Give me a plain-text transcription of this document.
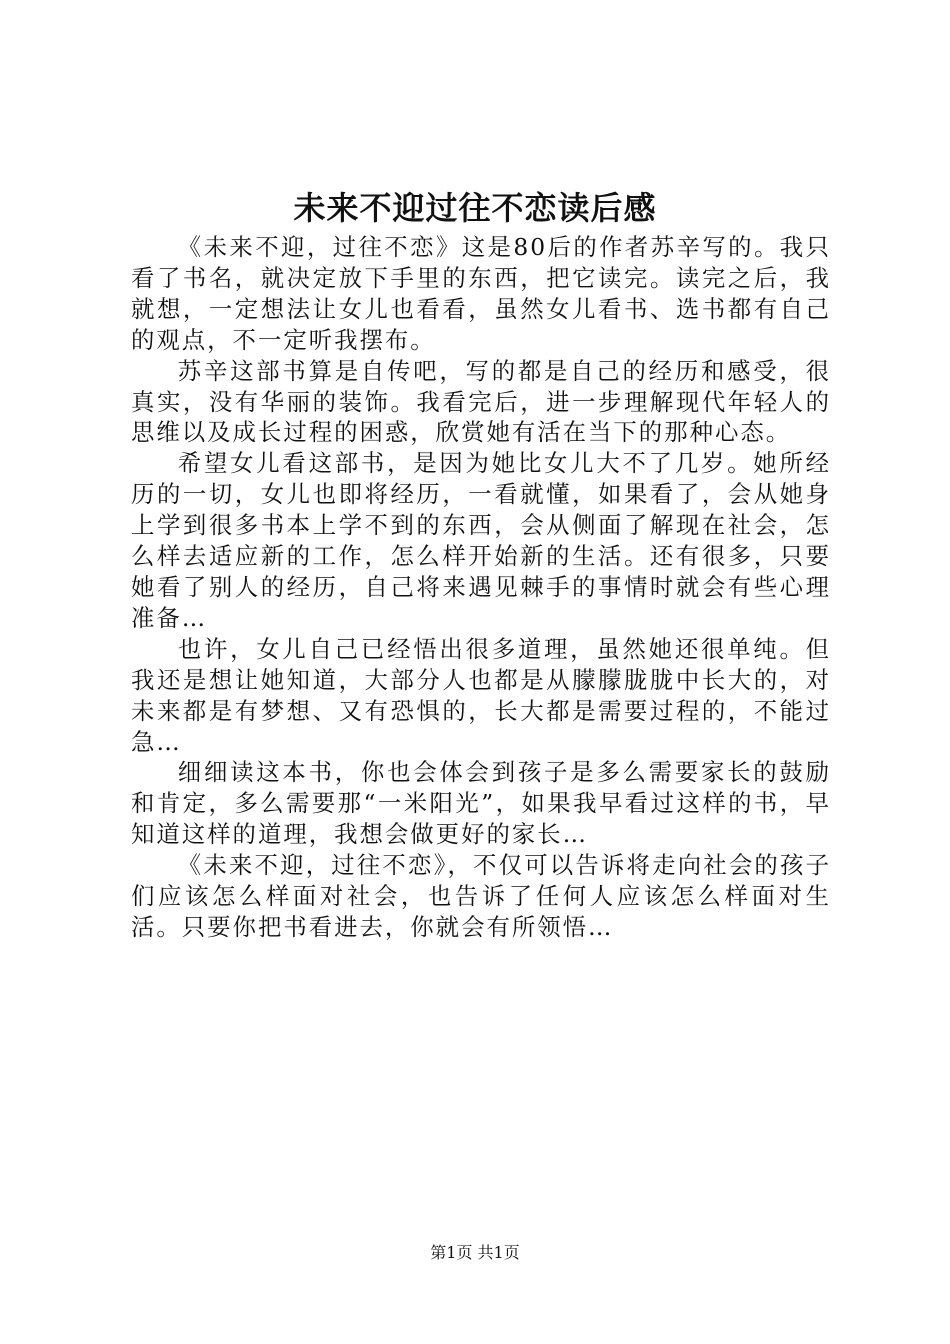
未来不迎过往不恋读后感

《未来不迎，过往不恋》这是80后的作者苏辛写的。我只看了书名，就决定放下手里的东西，把它读完。读完之后，我就想，一定想法让女儿也看看，虽然女儿看书、选书都有自己的观点，不一定听我摆布。

苏辛这部书算是自传吧，写的都是自己的经历和感受，很真实，没有华丽的装饰。我看完后，进一步理解现代年轻人的思维以及成长过程的困惑，欣赏她有活在当下的那种心态。

希望女儿看这部书，是因为她比女儿大不了几岁。她所经历的一切，女儿也即将经历，一看就懂，如果看了，会从她身上学到很多书本上学不到的东西，会从侧面了解现在社会，怎么样去适应新的工作，怎么样开始新的生活。还有很多，只要她看了别人的经历，自己将来遇见棘手的事情时就会有些心理准备…

也许，女儿自己已经悟出很多道理，虽然她还很单纯。但我还是想让她知道，大部分人也都是从朦朦胧胧中长大的，对未来都是有梦想、又有恐惧的，长大都是需要过程的，不能过急…

细细读这本书，你也会体会到孩子是多么需要家长的鼓励和肯定，多么需要那“一米阳光”，如果我早看过这样的书，早知道这样的道理，我想会做更好的家长…

《未来不迎，过往不恋》，不仅可以告诉将走向社会的孩子们应该怎么样面对社会，也告诉了任何人应该怎么样面对生活。只要你把书看进去，你就会有所领悟…

第1页 共1页
